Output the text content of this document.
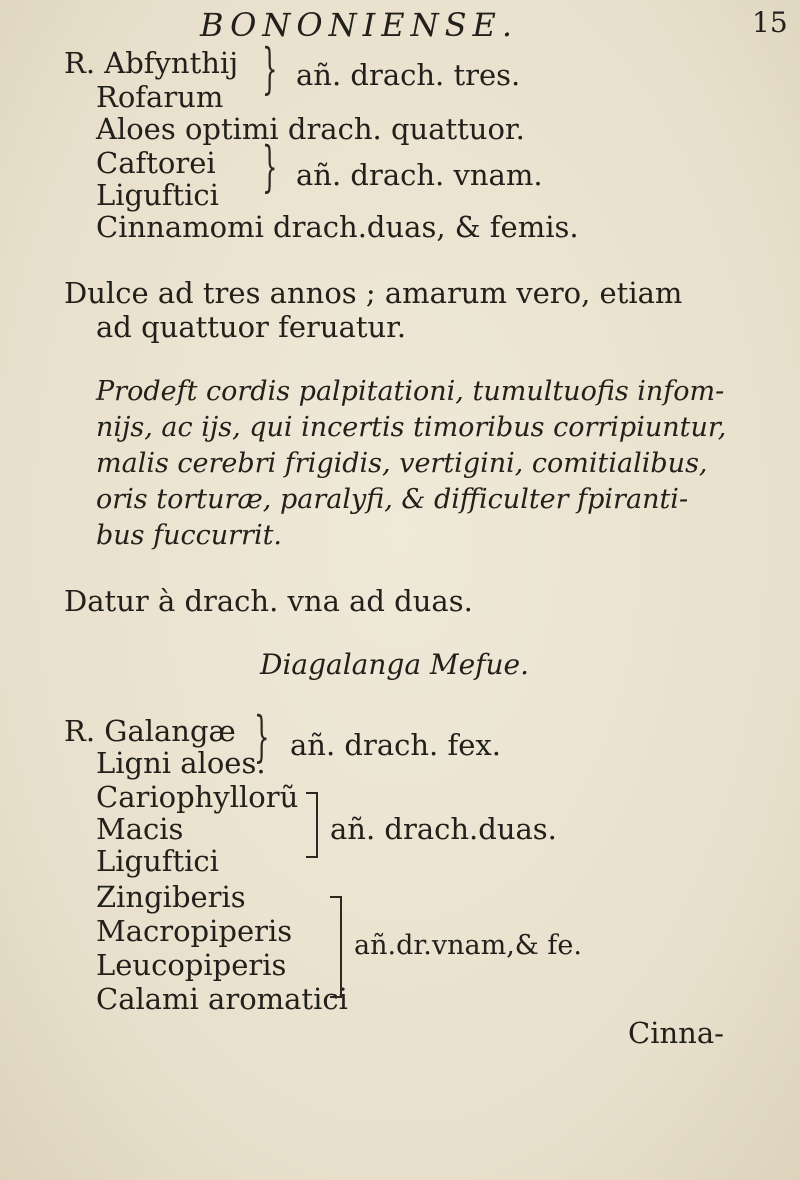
BONONIENSE.	15
R. Abfynthij
Rofarum } añ. drach. tres.
Aloes optimi drach. quattuor.
Caftorei
Liguftici } añ. drach. vnam.
Cinnamomi drach.duas, & femis.
Dulce ad tres annos ; amarum vero, etiam
ad quattuor feruatur.
Prodeft cordis palpitationi, tumultuofis infom-
nijs, ac ijs, qui incertis timoribus corripiuntur,
malis cerebri frigidis, vertigini, comitialibus,
oris torturæ, paralyfi, & difficulter fpiranti-
bus fuccurrit.
Datur à drach. vna ad duas.
Diagalanga Mefue.
R. Galangæ
Ligni aloes.
} añ. drach. fex.
Cariophyllorũ
Macis
Liguftici
añ. drach.duas.
Zingiberis
Macropiperis
Leucopiperis
Calami aromatici
añ.dr.vnam,& fe.
Cinna-
